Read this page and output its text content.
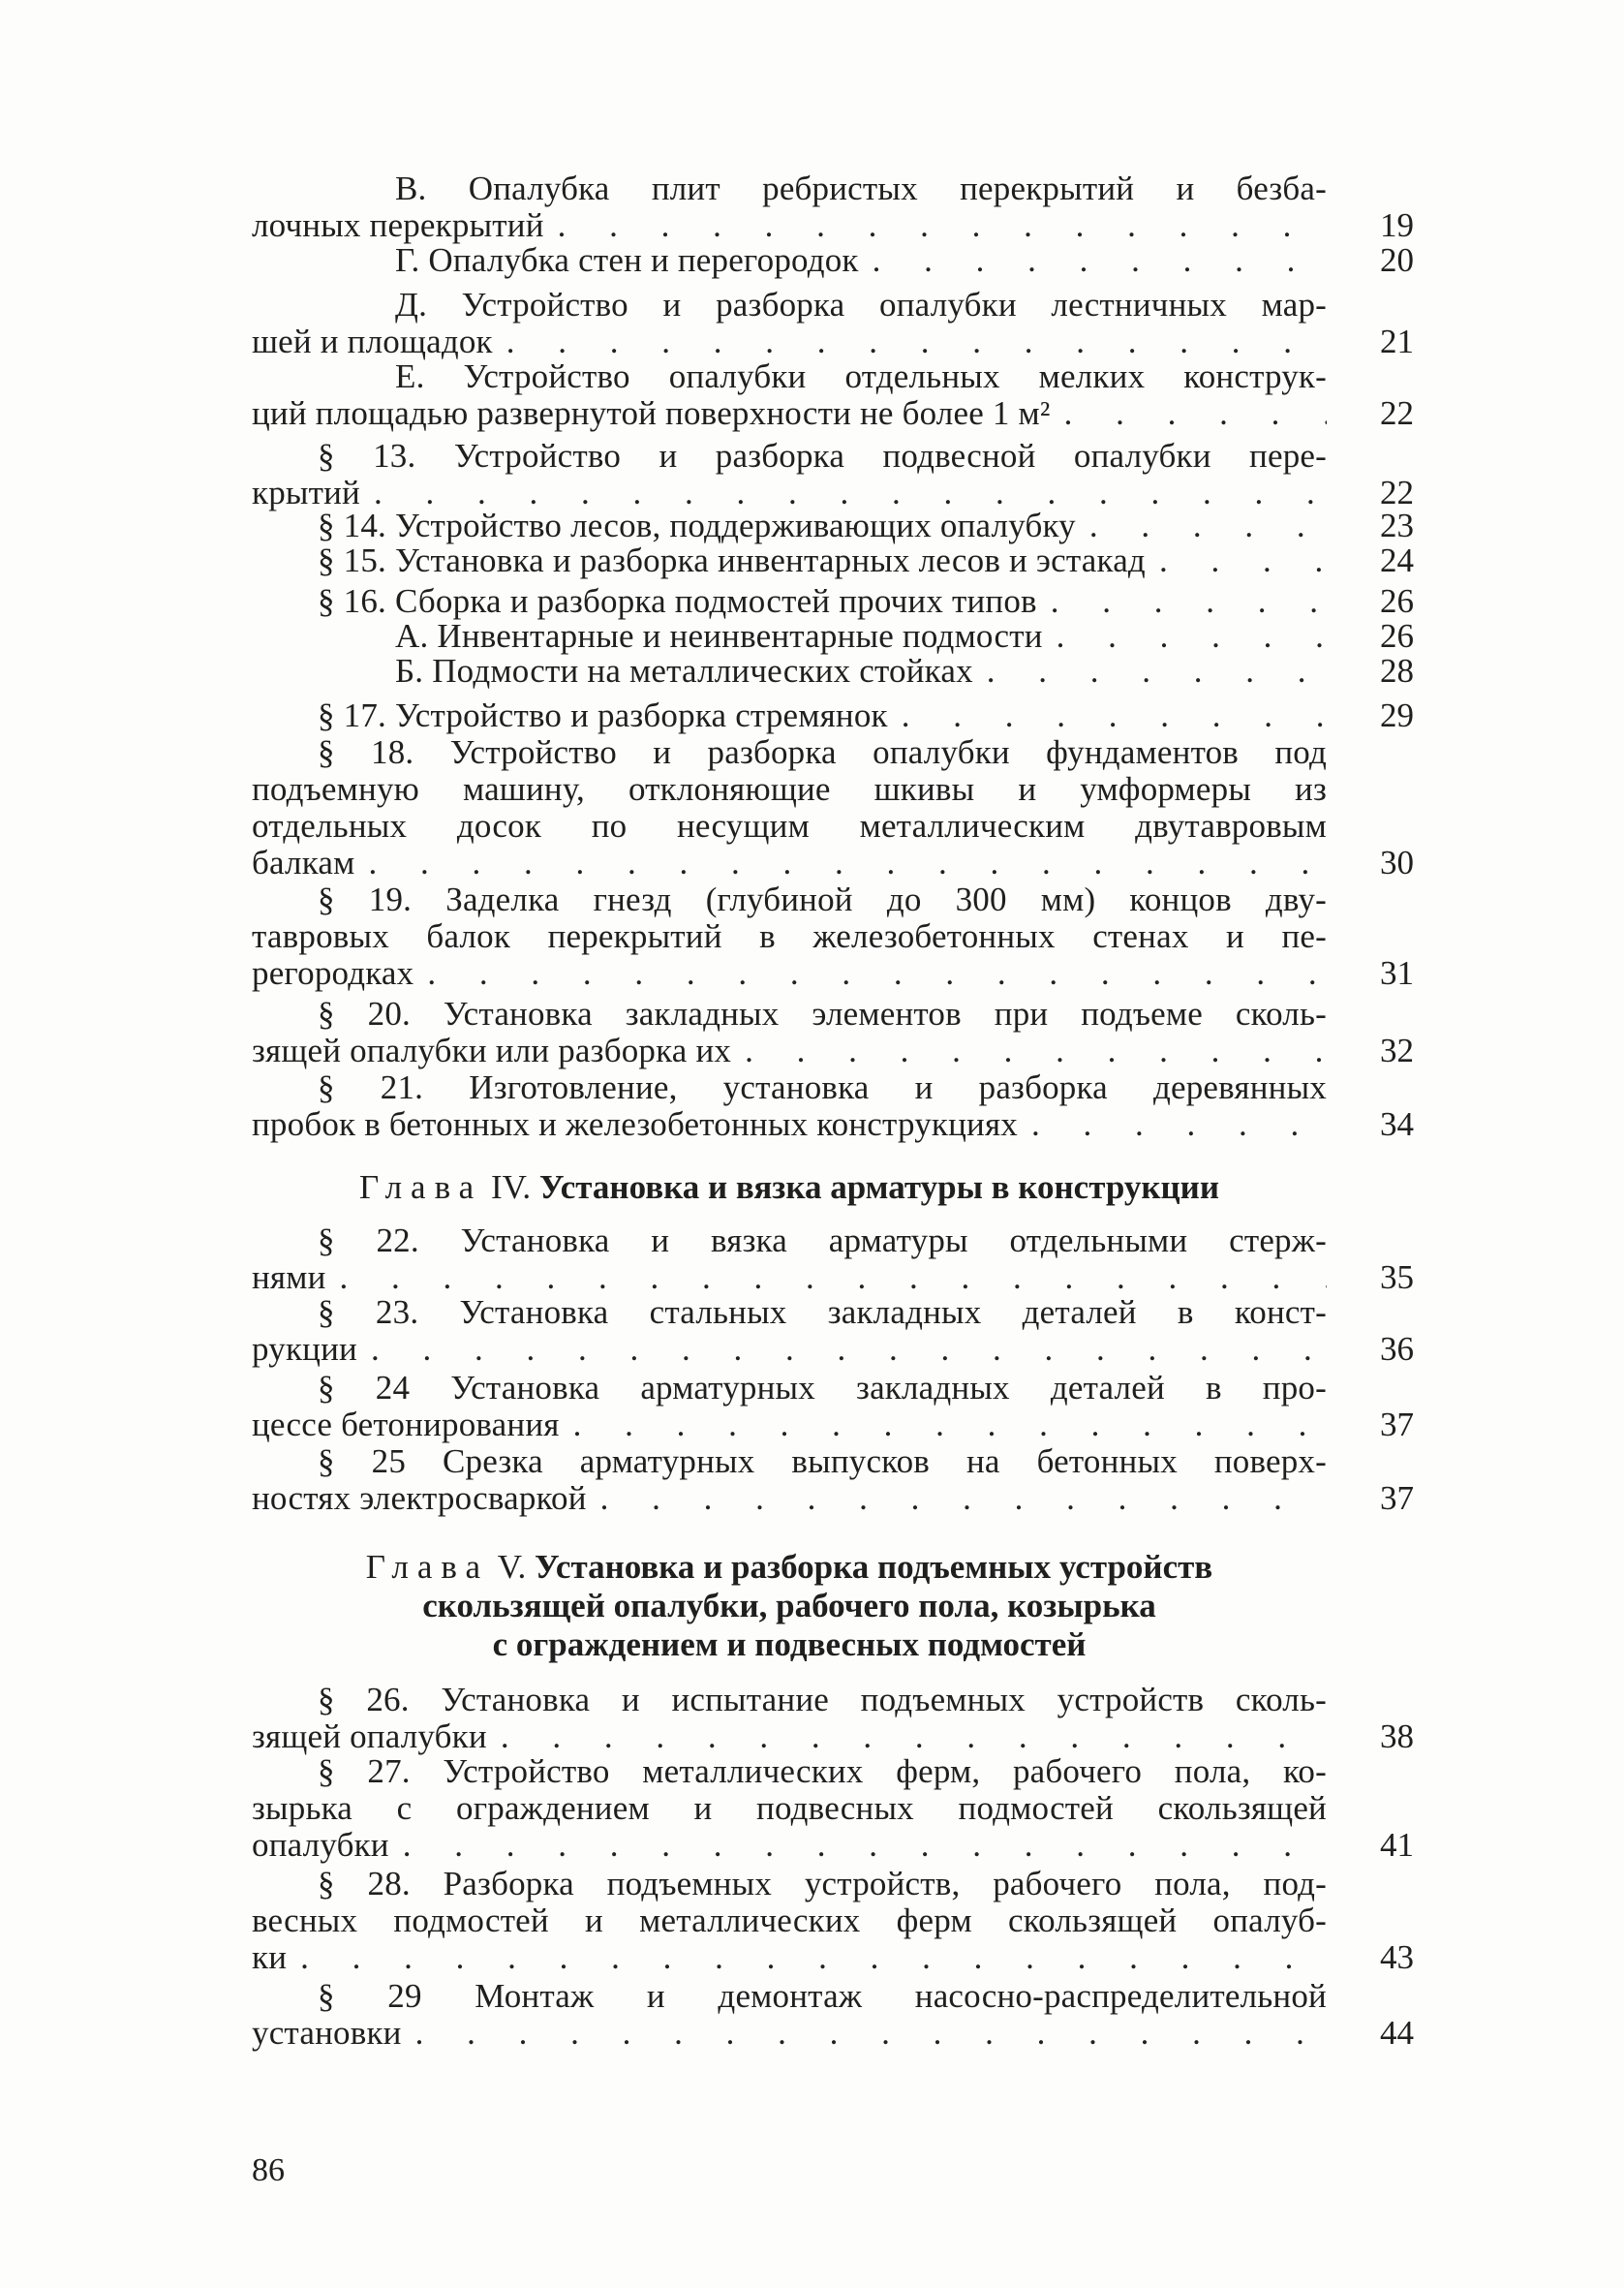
В. Опалубка плит ребристых перекрытий и безба-
лочных перекрытий . . .	19
Г. Опалубка стен и перегородок . . .	20
Д. Устройство и разборка опалубки лестничных мар-
шей и площадок . . .	21
Е. Устройство опалубки отдельных мелких конструк-
ций площадью развернутой поверхности не более 1 м² . . .	22
§ 13. Устройство и разборка подвесной опалубки пере-
крытий . . .	22
§ 14. Устройство лесов, поддерживающих опалубку . . .	23
§ 15. Установка и разборка инвентарных лесов и эстакад . . .	24
§ 16. Сборка и разборка подмостей прочих типов . . .	26
А. Инвентарные и неинвентарные подмости . . .	26
Б. Подмости на металлических стойках . . .	28
§ 17. Устройство и разборка стремянок . . .	29
§ 18. Устройство и разборка опалубки фундаментов под
подъемную машину, отклоняющие шкивы и умформеры из
отдельных досок по несущим металлическим двутавровым
балкам . . .	30
§ 19. Заделка гнезд (глубиной до 300 мм) концов дву-
тавровых балок перекрытий в железобетонных стенах и пе-
регородках . . .	31
§ 20. Установка закладных элементов при подъеме сколь-
зящей опалубки или разборка их . . .	32
§ 21. Изготовление, установка и разборка деревянных
пробок в бетонных и железобетонных конструкциях . . .	34
Глава IV. Установка и вязка арматуры в конструкции
§ 22. Установка и вязка арматуры отдельными стерж-
нями . . .	35
§ 23. Установка стальных закладных деталей в конст-
рукции . . .	36
§ 24 Установка арматурных закладных деталей в про-
цессе бетонирования . . .	37
§ 25 Срезка арматурных выпусков на бетонных поверх-
ностях электросваркой . . .	37
Глава V. Установка и разборка подъемных устройств
скользящей опалубки, рабочего пола, козырька
с ограждением и подвесных подмостей
§ 26. Установка и испытание подъемных устройств сколь-
зящей опалубки . . .	38
§ 27. Устройство металлических ферм, рабочего пола, ко-
зырька с ограждением и подвесных подмостей скользящей
опалубки . . .	41
§ 28. Разборка подъемных устройств, рабочего пола, под-
весных подмостей и металлических ферм скользящей опалуб-
ки . . .	43
§ 29 Монтаж и демонтаж насосно-распределительной
установки . . .	44
86
